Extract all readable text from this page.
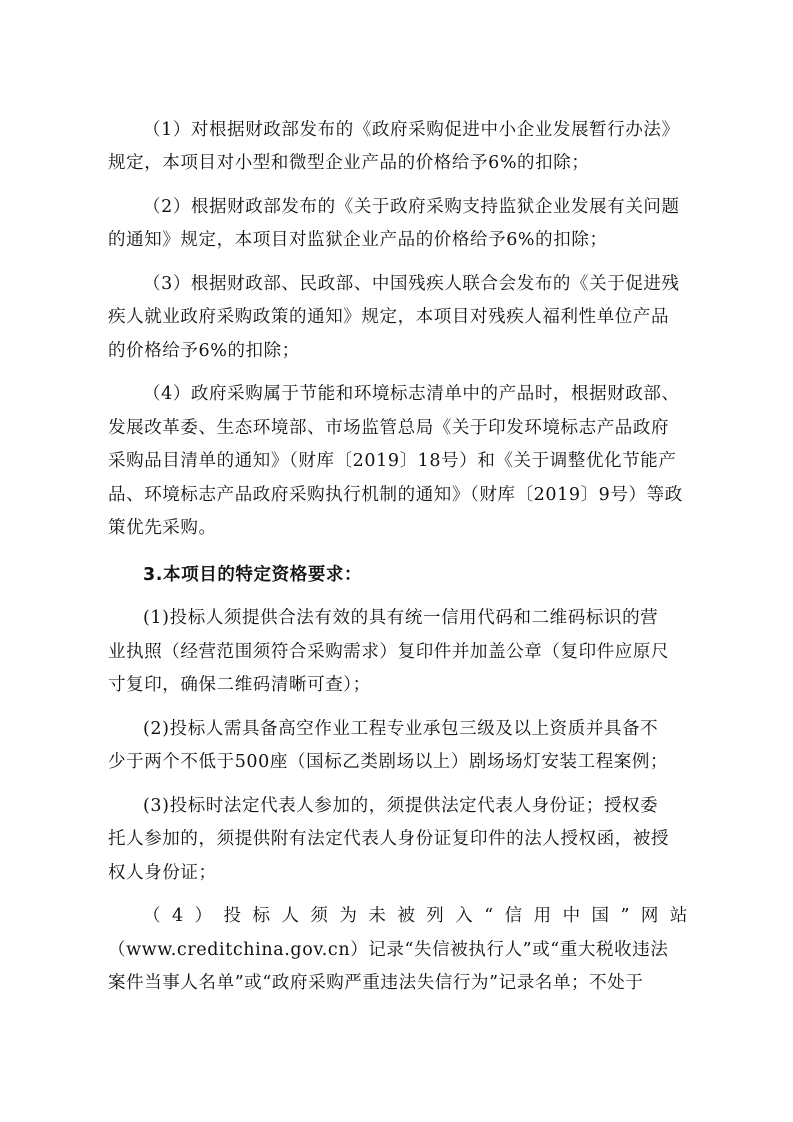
（1）对根据财政部发布的《政府采购促进中小企业发展暂行办法》
规定，本项目对小型和微型企业产品的价格给予6%的扣除；
（2）根据财政部发布的《关于政府采购支持监狱企业发展有关问题
的通知》规定，本项目对监狱企业产品的价格给予6%的扣除；
（3）根据财政部、民政部、中国残疾人联合会发布的《关于促进残
疾人就业政府采购政策的通知》规定，本项目对残疾人福利性单位产品
的价格给予6%的扣除；
（4）政府采购属于节能和环境标志清单中的产品时，根据财政部、
发展改革委、生态环境部、市场监管总局《关于印发环境标志产品政府
采购品目清单的通知》（财库〔2019〕18号）和《关于调整优化节能产
品、环境标志产品政府采购执行机制的通知》（财库〔2019〕9号）等政
策优先采购。
3.本项目的特定资格要求：
(1)投标人须提供合法有效的具有统一信用代码和二维码标识的营
业执照（经营范围须符合采购需求）复印件并加盖公章（复印件应原尺
寸复印，确保二维码清晰可查）；
(2)投标人需具备高空作业工程专业承包三级及以上资质并具备不
少于两个不低于500座（国标乙类剧场以上）剧场场灯安装工程案例；
(3)投标时法定代表人参加的，须提供法定代表人身份证；授权委
托人参加的，须提供附有法定代表人身份证复印件的法人授权函，被授
权人身份证；
（4）投标人须为未被列入“信用中国”网站
（www.creditchina.gov.cn）记录“失信被执行人”或“重大税收违法
案件当事人名单”或“政府采购严重违法失信行为”记录名单；不处于
